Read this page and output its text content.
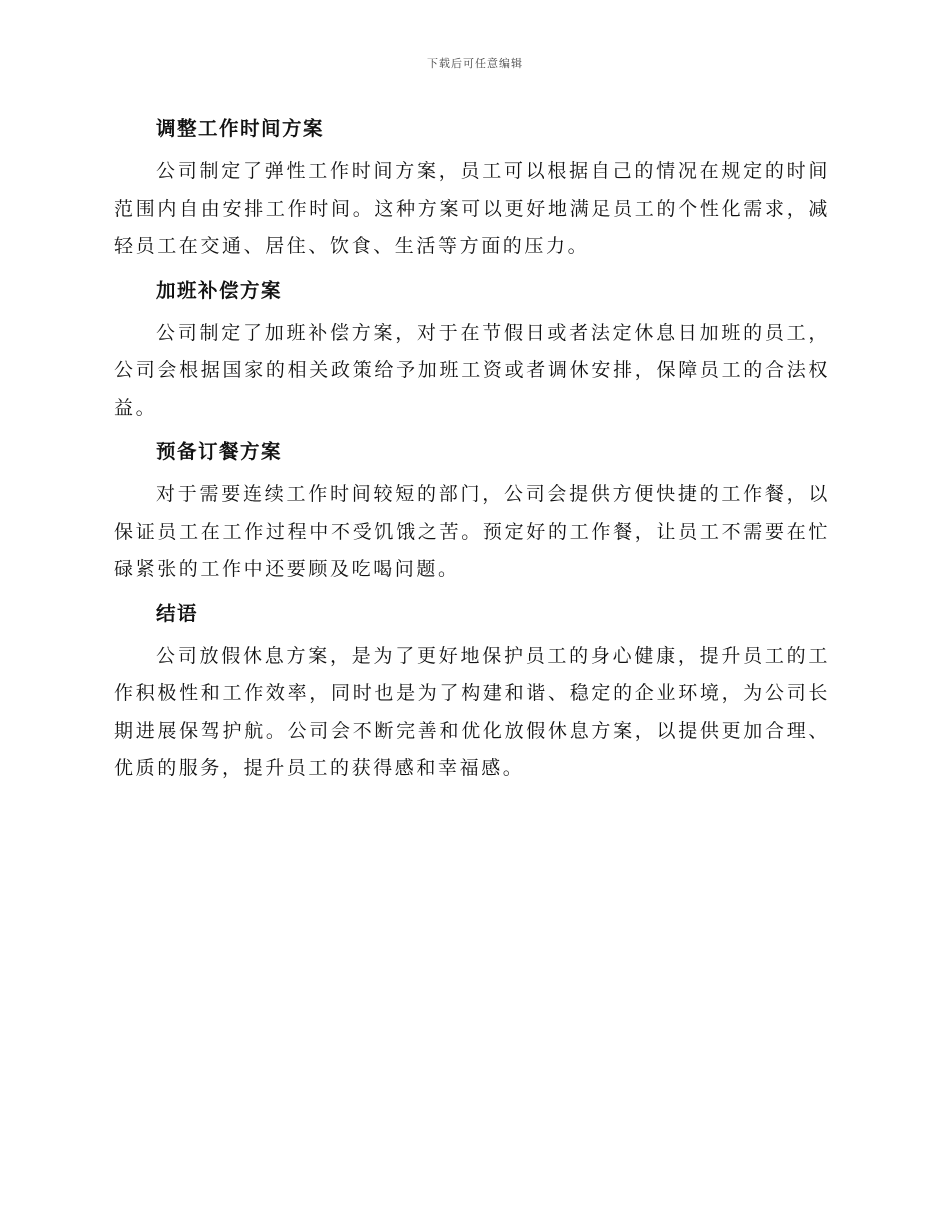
下载后可任意编辑
调整工作时间方案

公司制定了弹性工作时间方案，员工可以根据自己的情况在规定的时间范围内自由安排工作时间。这种方案可以更好地满足员工的个性化需求，减轻员工在交通、居住、饮食、生活等方面的压力。

加班补偿方案

公司制定了加班补偿方案，对于在节假日或者法定休息日加班的员工，公司会根据国家的相关政策给予加班工资或者调休安排，保障员工的合法权益。

预备订餐方案

对于需要连续工作时间较短的部门，公司会提供方便快捷的工作餐，以保证员工在工作过程中不受饥饿之苦。预定好的工作餐，让员工不需要在忙碌紧张的工作中还要顾及吃喝问题。

结语

公司放假休息方案，是为了更好地保护员工的身心健康，提升员工的工作积极性和工作效率，同时也是为了构建和谐、稳定的企业环境，为公司长期进展保驾护航。公司会不断完善和优化放假休息方案，以提供更加合理、优质的服务，提升员工的获得感和幸福感。
